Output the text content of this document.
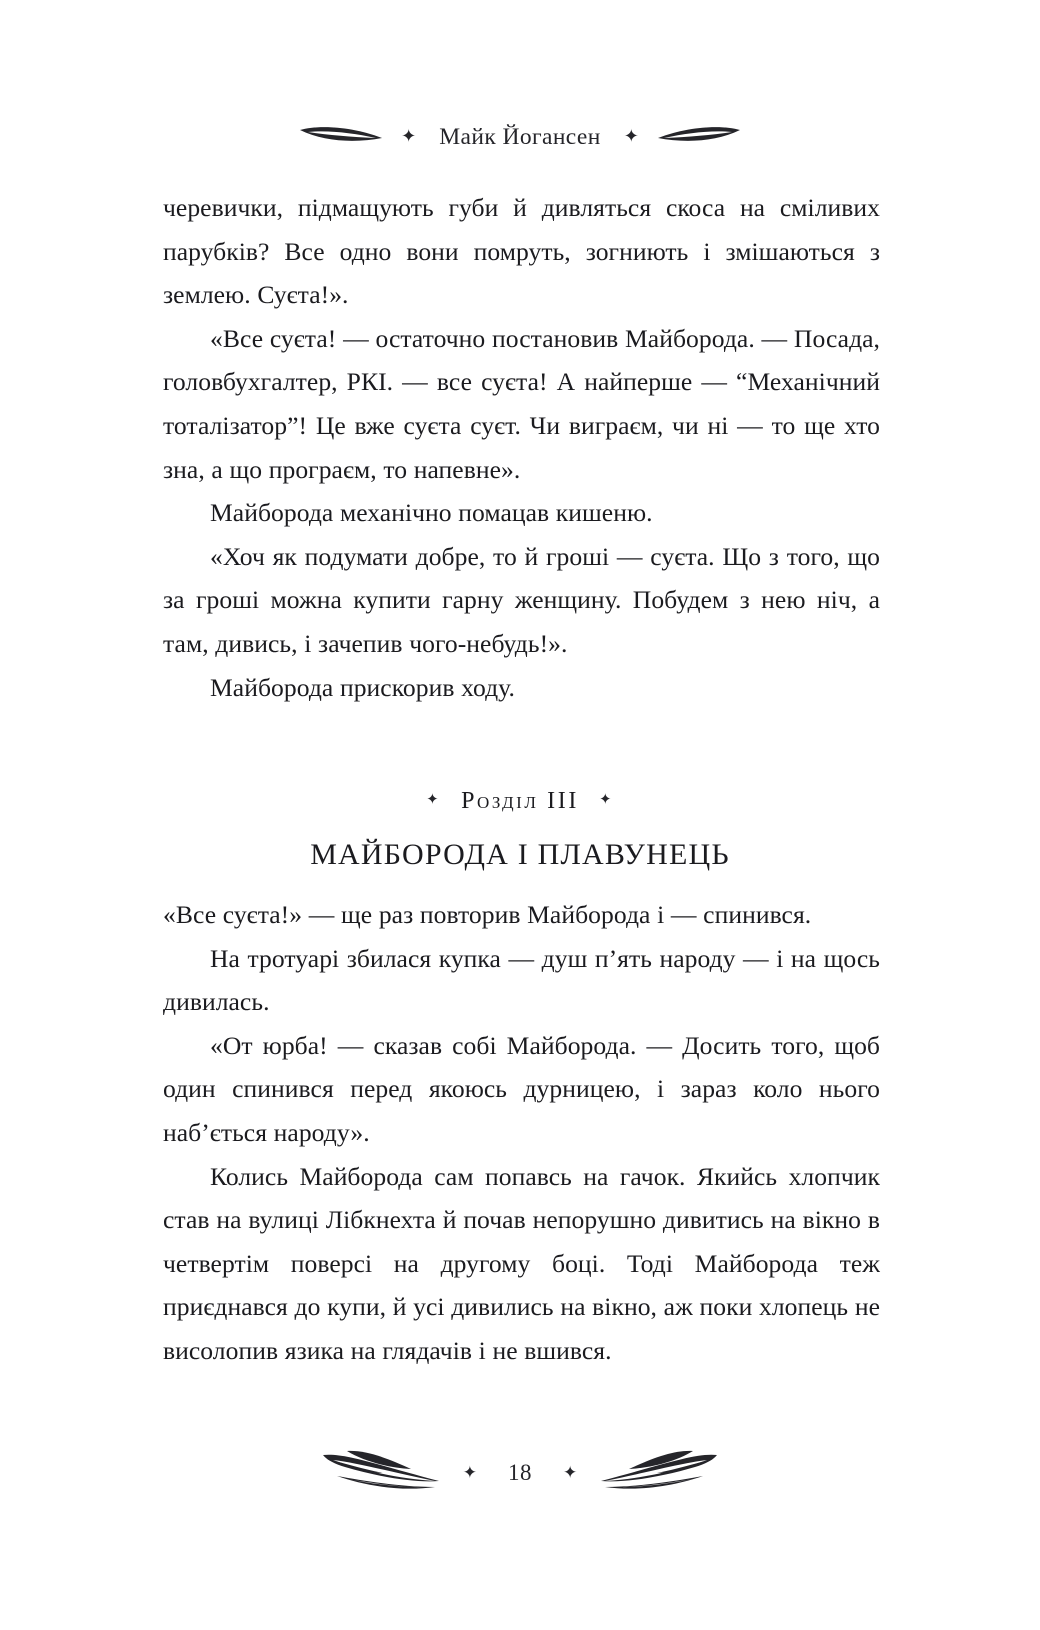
✦ Майк Йогансен	✦

черевички, підмащують губи й дивляться скоса на сміливих парубків? Все одно вони помруть, зогниють і змішаються з землею. Суєта!».

«Все суєта! — остаточно постановив Майборода. — Посада, головбухгалтер, РКІ. — все суєта! А найперше — “Механічний тоталізатор”! Це вже суєта суєт. Чи виграєм, чи ні — то ще хто зна, а що програєм, то напевне».

Майборода механічно помацав кишеню.

«Хоч як подумати добре, то й гроші — суєта. Що з того, що за гроші можна купити гарну женщину. Побудем з нею ніч, а там, дивись, і зачепив чого-небудь!».

Майборода прискорив ходу.

✦ Розділ III ✦
МАЙБОРОДА І ПЛАВУНЕЦЬ

«Все суєта!» — ще раз повторив Майборода і — спинився.

На тротуарі збилася купка — душ п’ять народу — і на щось дивилась.

«От юрба! — сказав собі Майборода. — Досить того, щоб один спинився перед якоюсь дурницею, і зараз коло нього наб’ється народу».

Колись Майборода сам попавсь на гачок. Якийсь хлопчик став на вулиці Лібкнехта й почав непорушно дивитись на вікно в четвертім поверсі на другому боці. Тоді Майборода теж приєднався до купи, й усі дивились на вікно, аж поки хлопець не висолопив язика на глядачів і не вшився.

✦	18	✦
